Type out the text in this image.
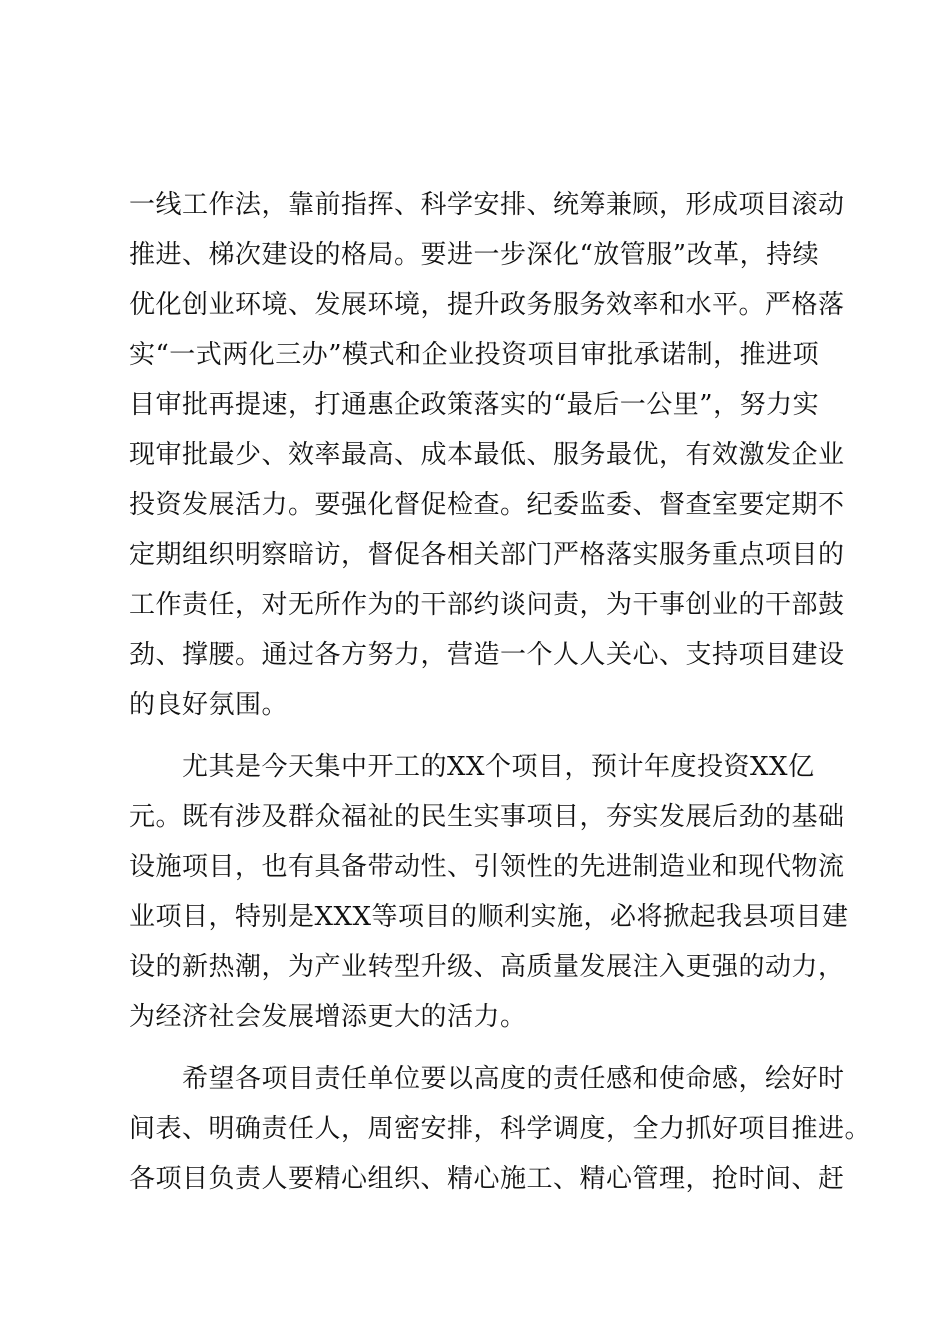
一线工作法，靠前指挥、科学安排、统筹兼顾，形成项目滚动
推进、梯次建设的格局。要进一步深化“放管服”改革，持续
优化创业环境、发展环境，提升政务服务效率和水平。严格落
实“一式两化三办”模式和企业投资项目审批承诺制，推进项
目审批再提速，打通惠企政策落实的“最后一公里”，努力实
现审批最少、效率最高、成本最低、服务最优，有效激发企业
投资发展活力。要强化督促检查。纪委监委、督查室要定期不
定期组织明察暗访，督促各相关部门严格落实服务重点项目的
工作责任，对无所作为的干部约谈问责，为干事创业的干部鼓
劲、撑腰。通过各方努力，营造一个人人关心、支持项目建设
的良好氛围。
　　尤其是今天集中开工的XX个项目，预计年度投资XX亿
元。既有涉及群众福祉的民生实事项目，夯实发展后劲的基础
设施项目，也有具备带动性、引领性的先进制造业和现代物流
业项目，特别是XXX等项目的顺利实施，必将掀起我县项目建
设的新热潮，为产业转型升级、高质量发展注入更强的动力，
为经济社会发展增添更大的活力。
　　希望各项目责任单位要以高度的责任感和使命感，绘好时
间表、明确责任人，周密安排，科学调度，全力抓好项目推进。
各项目负责人要精心组织、精心施工、精心管理，抢时间、赶
